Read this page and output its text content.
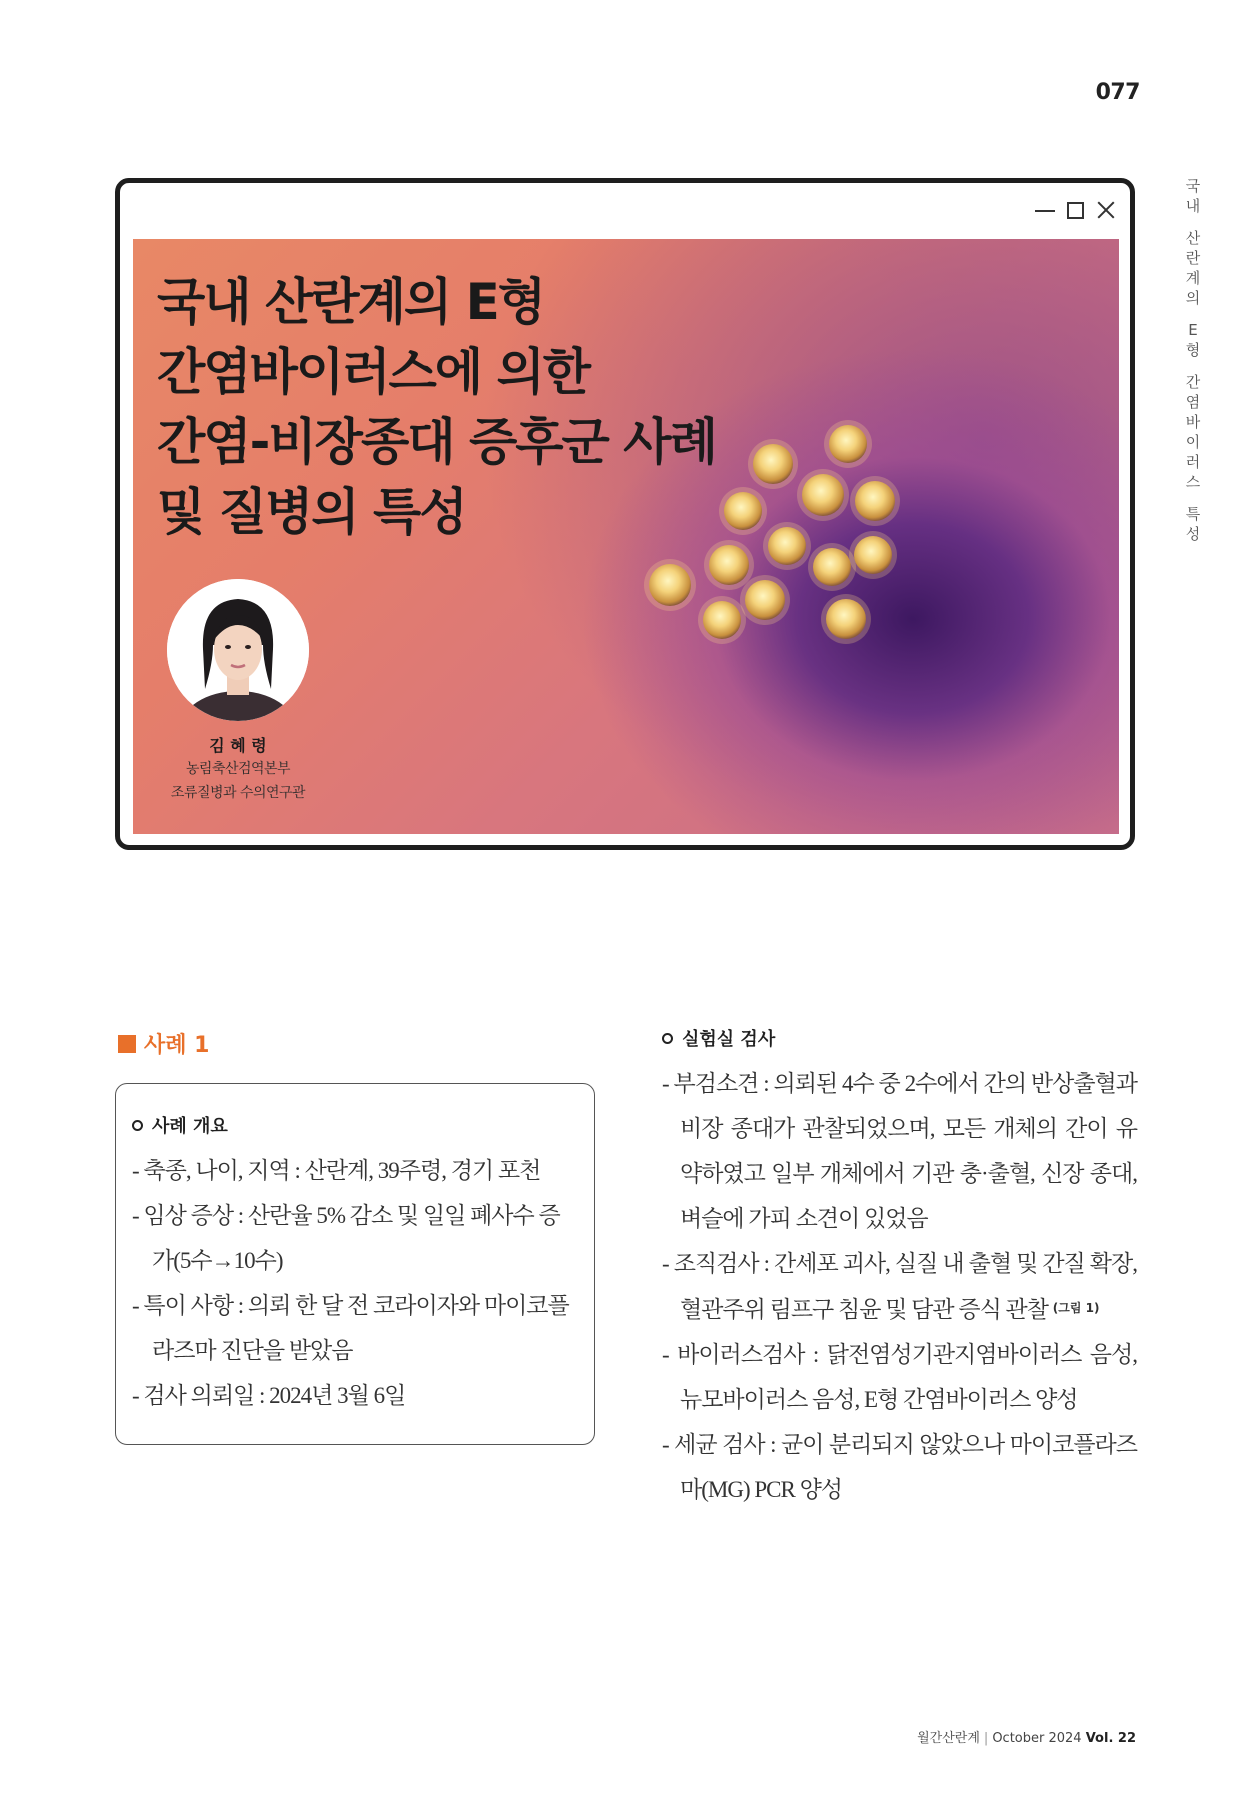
077
국
내
산
란
계
의
E
형
간
염
바
이
러
스
특
성
국내 산란계의 E형
간염바이러스에 의한
간염-비장종대 증후군 사례
및 질병의 특성
김 혜 령
농림축산검역본부
조류질병과 수의연구관
사례 1
사례 개요
- 축종, 나이, 지역 : 산란계, 39주령, 경기 포천
- 임상 증상 : 산란율 5% 감소 및 일일 폐사수 증가(5수→10수)
- 특이 사항 : 의뢰 한 달 전 코라이자와 마이코플라즈마 진단을 받았음
- 검사 의뢰일 : 2024년 3월 6일
실험실 검사
- 부검소견 : 의뢰된 4수 중 2수에서 간의 반상출혈과 비장 종대가 관찰되었으며, 모든 개체의 간이 유약하였고 일부 개체에서 기관 충·출혈, 신장 종대, 벼슬에 가피 소견이 있었음
- 조직검사 : 간세포 괴사, 실질 내 출혈 및 간질 확장, 혈관주위 림프구 침윤 및 담관 증식 관찰 $^{(그림 1)}$
- 바이러스검사 : 닭전염성기관지염바이러스 음성, 뉴모바이러스 음성, E형 간염바이러스 양성
- 세균 검사 : 균이 분리되지 않았으나 마이코플라즈마(MG) PCR 양성
월간산란계 | October 2024 Vol. 22
